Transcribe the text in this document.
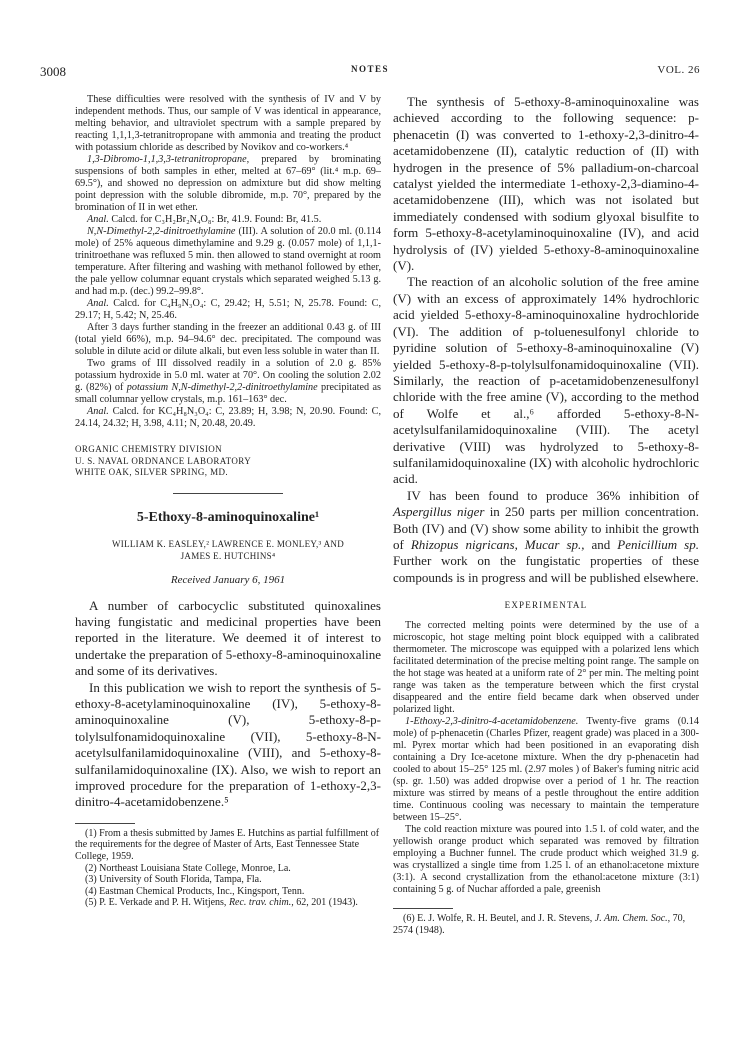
3008	NOTES	VOL. 26

These difficulties were resolved with the synthesis of IV and V by independent methods. Thus, our sample of V was identical in appearance, melting behavior, and ultraviolet spectrum with a sample prepared by reacting 1,1,1,3-tetranitropropane with ammonia and treating the product with potassium chloride as described by Novikov and co-workers.⁴

1,3-Dibromo-1,1,3,3-tetranitropropane, prepared by brominating suspensions of both samples in ether, melted at 67–69° (lit.⁴ m.p. 69–69.5°), and showed no depression on admixture but did show melting point depression with the soluble dibromide, m.p. 70°, prepared by the bromination of II in wet ether.

Anal. Calcd. for C₃H₂Br₂N₄O₈: Br, 41.9. Found: Br, 41.5.

N,N-Dimethyl-2,2-dinitroethylamine (III). A solution of 20.0 ml. (0.114 mole) of 25% aqueous dimethylamine and 9.29 g. (0.057 mole) of 1,1,1-trinitroethane was refluxed 5 min. then allowed to stand overnight at room temperature. After filtering and washing with methanol followed by ether, the pale yellow columnar equant crystals which separated weighed 5.13 g. and had m.p. (dec.) 99.2–99.8°.

Anal. Calcd. for C₄H₉N₃O₄: C, 29.42; H, 5.51; N, 25.78. Found: C, 29.17; H, 5.42; N, 25.46.

After 3 days further standing in the freezer an additional 0.43 g. of III (total yield 66%), m.p. 94–94.6° dec. precipitated. The compound was soluble in dilute acid or dilute alkali, but even less soluble in water than II.

Two grams of III dissolved readily in a solution of 2.0 g. 85% potassium hydroxide in 5.0 ml. water at 70°. On cooling the solution 2.02 g. (82%) of potassium N,N-dimethyl-2,2-dinitroethylamine precipitated as small columnar yellow crystals, m.p. 161–163° dec.

Anal. Calcd. for KC₄H₈N₃O₄: C, 23.89; H, 3.98; N, 20.90. Found: C, 24.14, 24.32; H, 3.98, 4.11; N, 20.48, 20.49.

ORGANIC CHEMISTRY DIVISION
U. S. NAVAL ORDNANCE LABORATORY
WHITE OAK, SILVER SPRING, MD.
5-Ethoxy-8-aminoquinoxaline¹
WILLIAM K. EASLEY,² LAWRENCE E. MONLEY,³ AND
JAMES E. HUTCHINS⁴
Received January 6, 1961

A number of carbocyclic substituted quinoxalines having fungistatic and medicinal properties have been reported in the literature. We deemed it of interest to undertake the preparation of 5-ethoxy-8-aminoquinoxaline and some of its derivatives.

In this publication we wish to report the synthesis of 5-ethoxy-8-acetylaminoquinoxaline (IV), 5-ethoxy-8-aminoquinoxaline (V), 5-ethoxy-8-p-tolylsulfonamidoquinoxaline (VII), 5-ethoxy-8-N-acetylsulfanilamidoquinoxaline (VIII), and 5-ethoxy-8-sulfanilamidoquinoxaline (IX). Also, we wish to report an improved procedure for the preparation of 1-ethoxy-2,3-dinitro-4-acetamidobenzene.⁵

(1) From a thesis submitted by James E. Hutchins as partial fulfillment of the requirements for the degree of Master of Arts, East Tennessee State College, 1959.
(2) Northeast Louisiana State College, Monroe, La.
(3) University of South Florida, Tampa, Fla.
(4) Eastman Chemical Products, Inc., Kingsport, Tenn.
(5) P. E. Verkade and P. H. Witjens, Rec. trav. chim., 62, 201 (1943).

The synthesis of 5-ethoxy-8-aminoquinoxaline was achieved according to the following sequence: p-phenacetin (I) was converted to 1-ethoxy-2,3-dinitro-4-acetamidobenzene (II), catalytic reduction of (II) with hydrogen in the presence of 5% palladium-on-charcoal catalyst yielded the intermediate 1-ethoxy-2,3-diamino-4-acetamidobenzene (III), which was not isolated but immediately condensed with sodium glyoxal bisulfite to form 5-ethoxy-8-acetylaminoquinoxaline (IV), and acid hydrolysis of (IV) yielded 5-ethoxy-8-aminoquinoxaline (V).

The reaction of an alcoholic solution of the free amine (V) with an excess of approximately 14% hydrochloric acid yielded 5-ethoxy-8-aminoquinoxaline hydrochloride (VI). The addition of p-toluenesulfonyl chloride to pyridine solution of 5-ethoxy-8-aminoquinoxaline (V) yielded 5-ethoxy-8-p-tolylsulfonamidoquinoxaline (VII). Similarly, the reaction of p-acetamidobenzenesulfonyl chloride with the free amine (V), according to the method of Wolfe et al.,⁶ afforded 5-ethoxy-8-N-acetylsulfanilamidoquinoxaline (VIII). The acetyl derivative (VIII) was hydrolyzed to 5-ethoxy-8-sulfanilamidoquinoxaline (IX) with alcoholic hydrochloric acid.

IV has been found to produce 36% inhibition of Aspergillus niger in 250 parts per million concentration. Both (IV) and (V) show some ability to inhibit the growth of Rhizopus nigricans, Mucar sp., and Penicillium sp. Further work on the fungistatic properties of these compounds is in progress and will be published elsewhere.

EXPERIMENTAL

The corrected melting points were determined by the use of a microscopic, hot stage melting point block equipped with a calibrated thermometer. The microscope was equipped with a polarized lens which facilitated determination of the precise melting point range. The sample on the hot stage was heated at a uniform rate of 2° per min. The melting point range was taken as the temperature between which the first crystal disappeared and the entire field became dark when observed under polarized light.

1-Ethoxy-2,3-dinitro-4-acetamidobenzene. Twenty-five grams (0.14 mole) of p-phenacetin (Charles Pfizer, reagent grade) was placed in a 300-ml. Pyrex mortar which had been positioned in an evaporating dish containing a Dry Ice-acetone mixture. When the dry p-phenacetin had cooled to about 15–25° 125 ml. (2.97 moles ) of Baker's fuming nitric acid (sp. gr. 1.50) was added dropwise over a period of 1 hr. The reaction mixture was stirred by means of a pestle throughout the entire addition time. Continuous cooling was necessary to maintain the temperature between 15–25°.

The cold reaction mixture was poured into 1.5 l. of cold water, and the yellowish orange product which separated was removed by filtration employing a Buchner funnel. The crude product which weighed 31.9 g. was crystallized a single time from 1.25 l. of an ethanol:acetone mixture (3:1). A second crystallization from the ethanol:acetone mixture (3:1) containing 5 g. of Nuchar afforded a pale, greenish

(6) E. J. Wolfe, R. H. Beutel, and J. R. Stevens, J. Am. Chem. Soc., 70, 2574 (1948).
